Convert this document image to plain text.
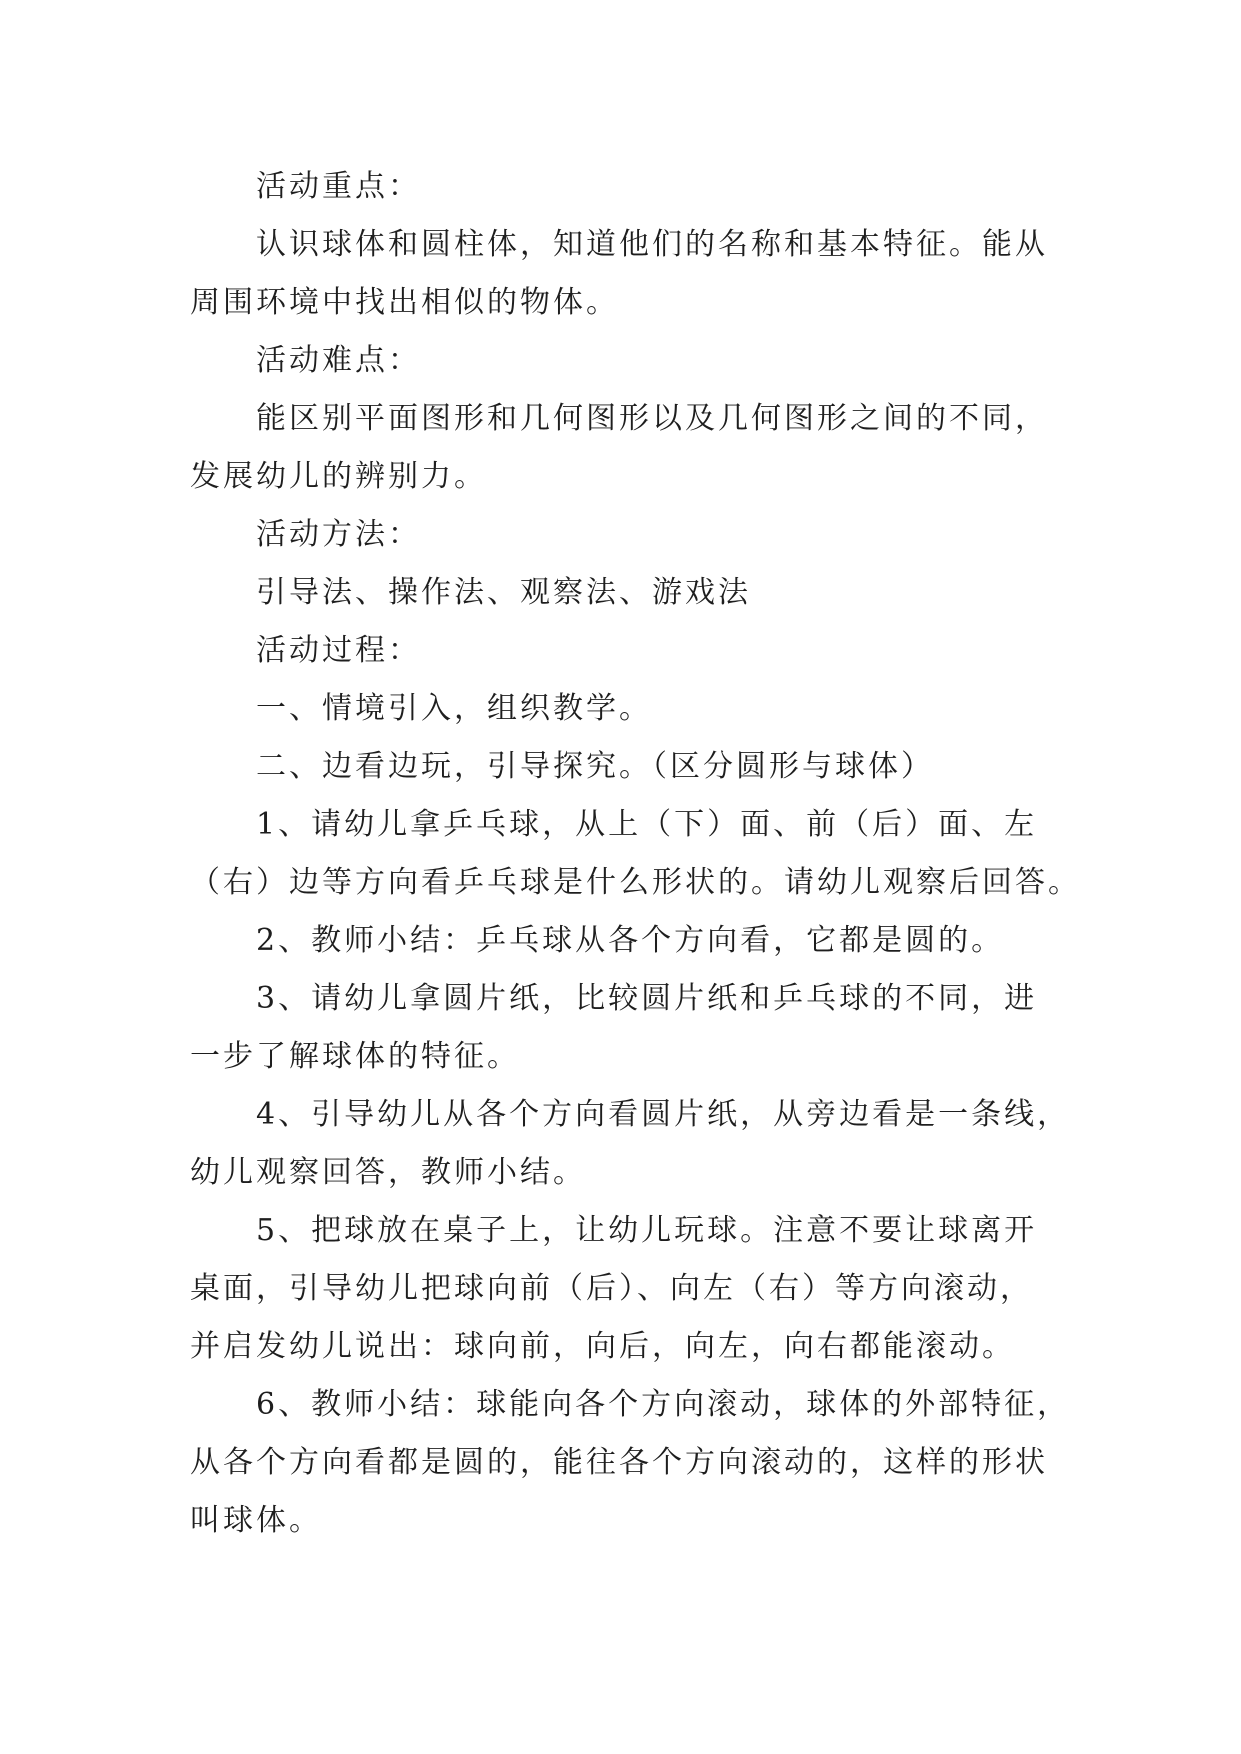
活动重点：
认识球体和圆柱体，知道他们的名称和基本特征。能从
周围环境中找出相似的物体。
活动难点：
能区别平面图形和几何图形以及几何图形之间的不同，
发展幼儿的辨别力。
活动方法：
引导法、操作法、观察法、游戏法
活动过程：
一、情境引入，组织教学。
二、边看边玩，引导探究。（区分圆形与球体）
1、请幼儿拿乒乓球，从上（下）面、前（后）面、左
（右）边等方向看乒乓球是什么形状的。请幼儿观察后回答。
2、教师小结：乒乓球从各个方向看，它都是圆的。
3、请幼儿拿圆片纸，比较圆片纸和乒乓球的不同，进
一步了解球体的特征。
4、引导幼儿从各个方向看圆片纸，从旁边看是一条线，
幼儿观察回答，教师小结。
5、把球放在桌子上，让幼儿玩球。注意不要让球离开
桌面，引导幼儿把球向前（后）、向左（右）等方向滚动，
并启发幼儿说出：球向前，向后，向左，向右都能滚动。
6、教师小结：球能向各个方向滚动，球体的外部特征，
从各个方向看都是圆的，能往各个方向滚动的，这样的形状
叫球体。
